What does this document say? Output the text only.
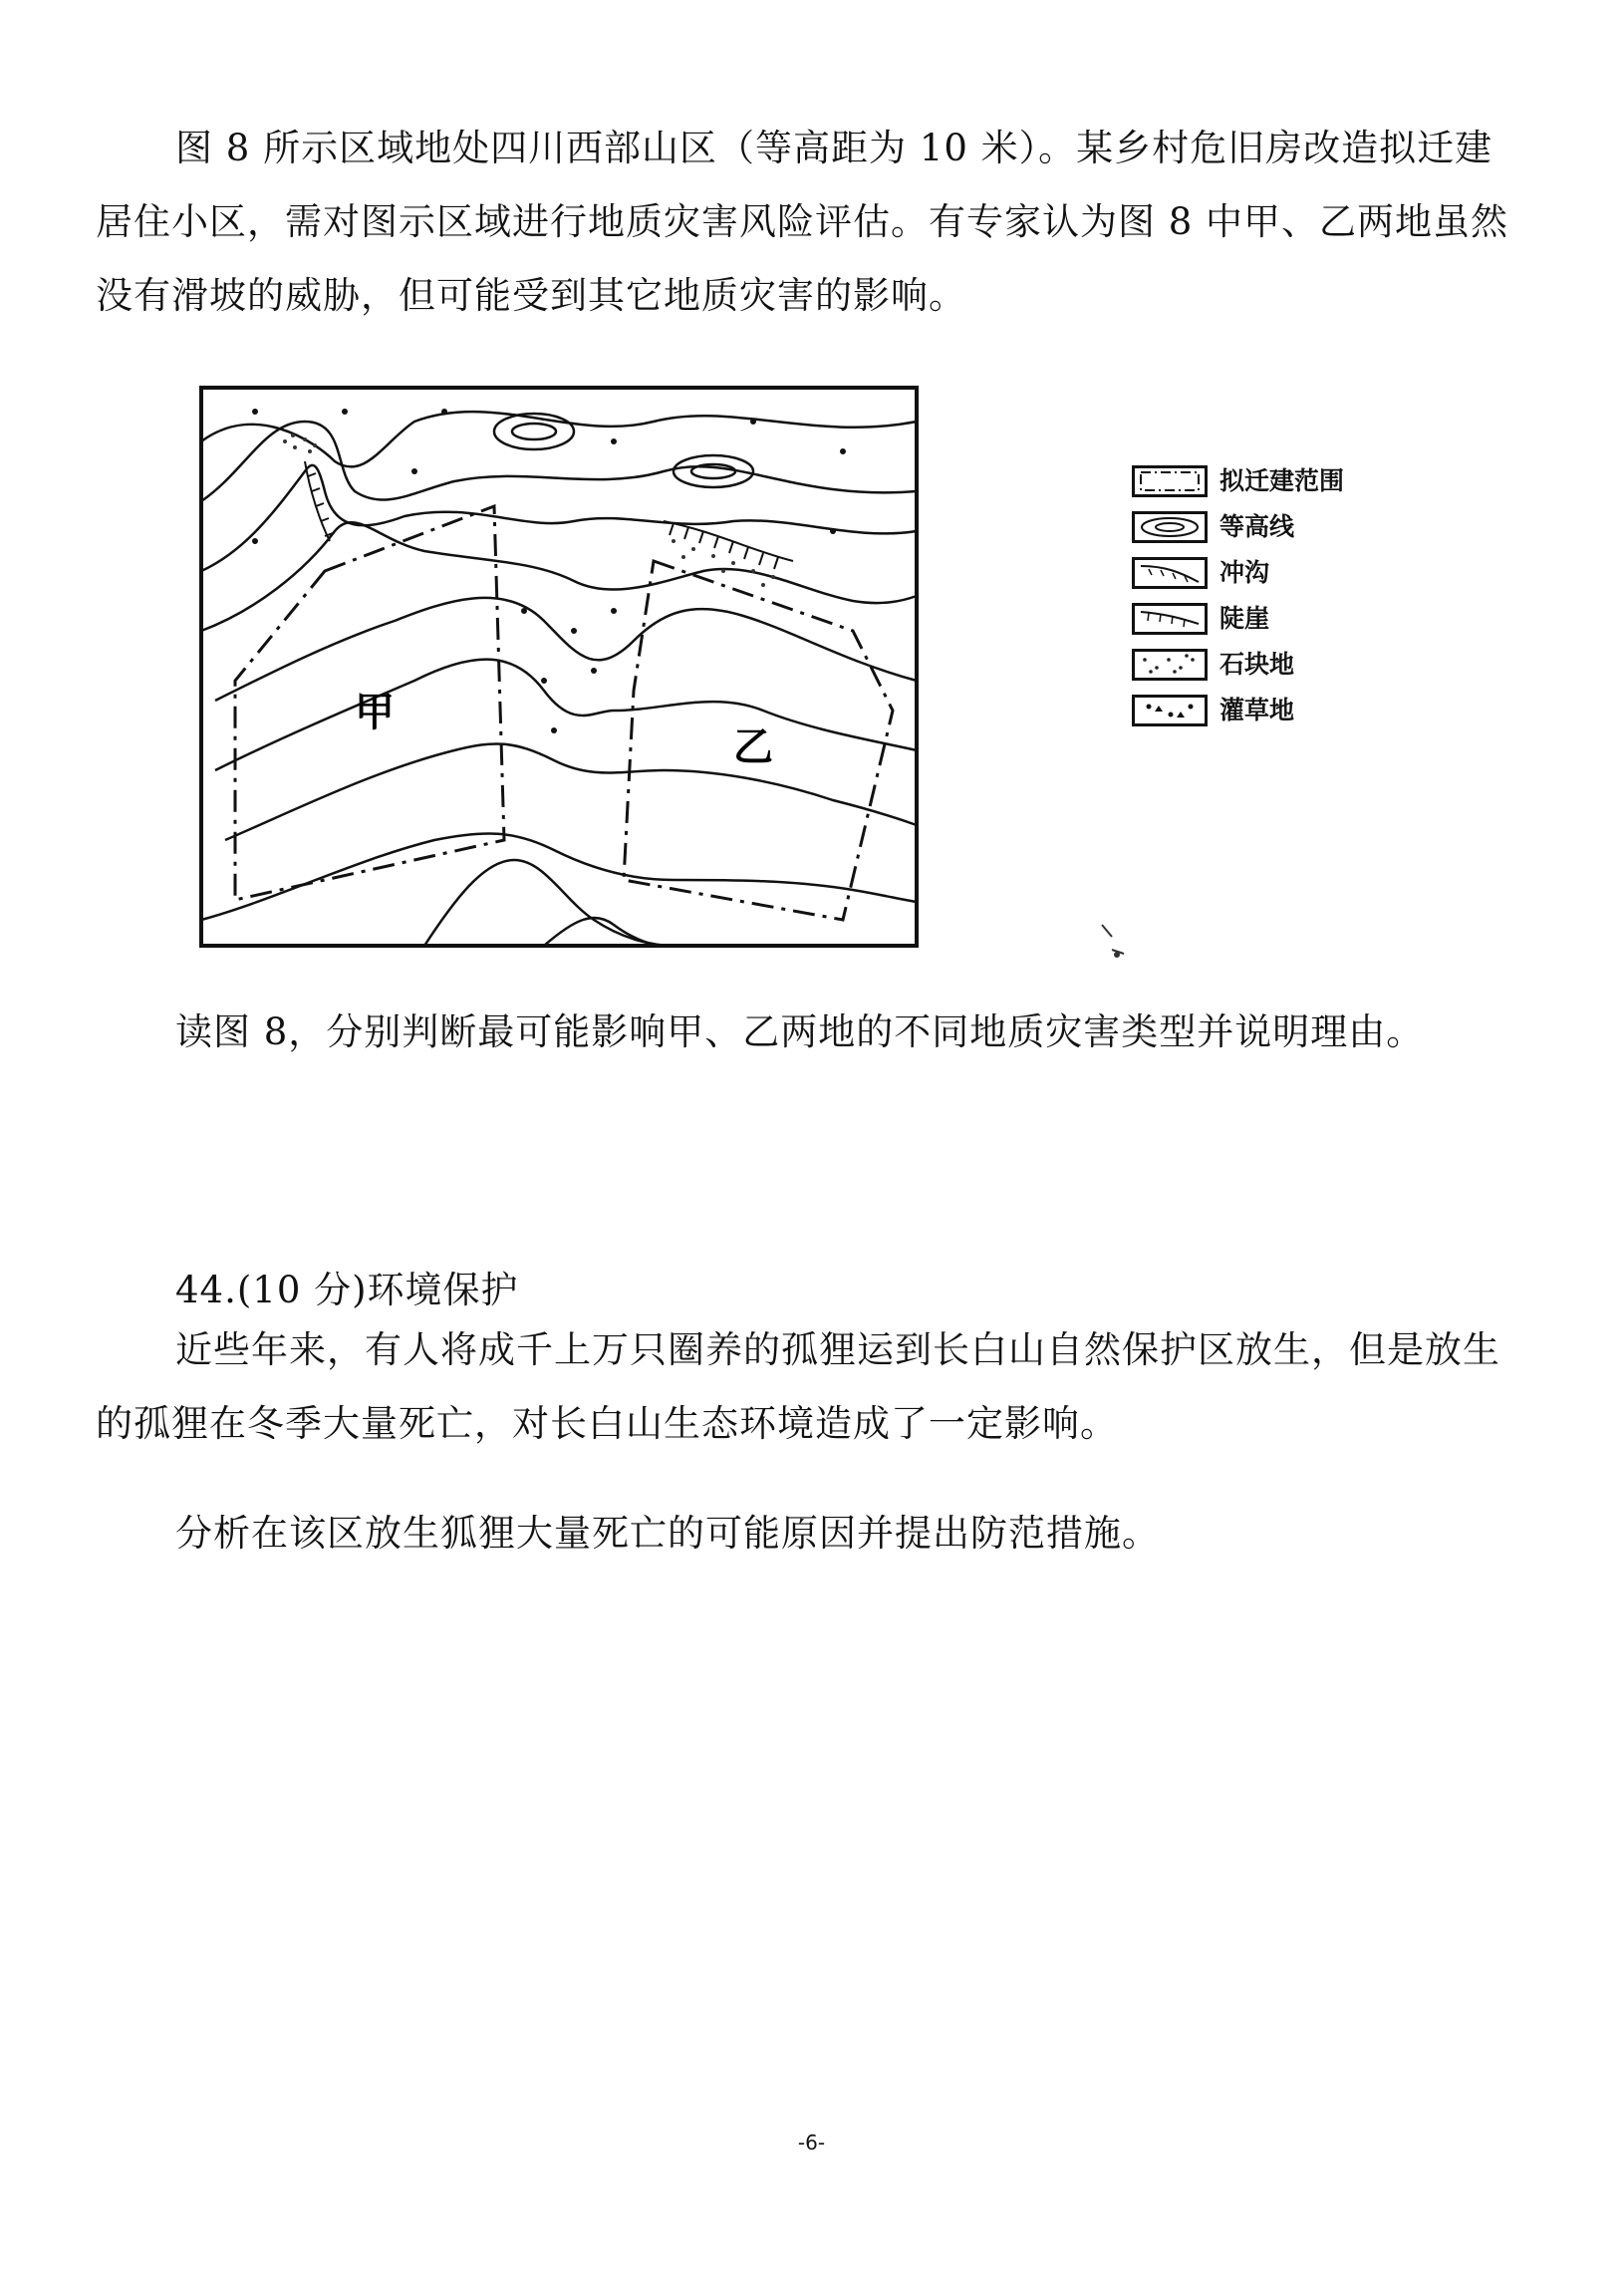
图 8 所示区域地处四川西部山区（等高距为 10 米）。某乡村危旧房改造拟迁建居住小区，需对图示区域进行地质灾害风险评估。有专家认为图 8 中甲、乙两地虽然没有滑坡的威胁，但可能受到其它地质灾害的影响。

甲
乙
拟迁建范围
等高线
冲沟
陡崖
石块地
灌草地

读图 8，分别判断最可能影响甲、乙两地的不同地质灾害类型并说明理由。

44.(10 分)环境保护

近些年来，有人将成千上万只圈养的孤狸运到长白山自然保护区放生，但是放生的孤狸在冬季大量死亡，对长白山生态环境造成了一定影响。

分析在该区放生狐狸大量死亡的可能原因并提出防范措施。

-6-
